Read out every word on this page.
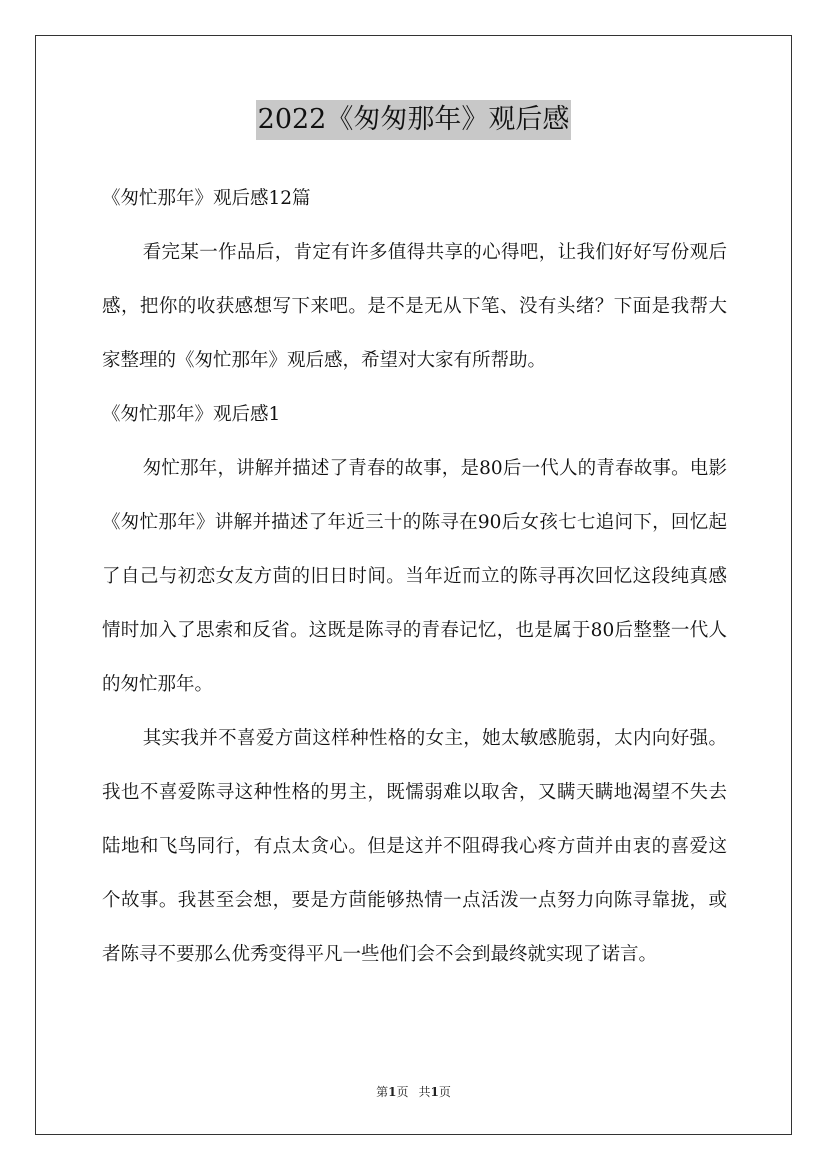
2022《匆匆那年》观后感

《匆忙那年》观后感12篇

看完某一作品后，肯定有许多值得共享的心得吧，让我们好好写份观后感，把你的收获感想写下来吧。是不是无从下笔、没有头绪？下面是我帮大家整理的《匆忙那年》观后感，希望对大家有所帮助。

《匆忙那年》观后感1

匆忙那年，讲解并描述了青春的故事，是80后一代人的青春故事。电影《匆忙那年》讲解并描述了年近三十的陈寻在90后女孩七七追问下，回忆起了自己与初恋女友方茴的旧日时间。当年近而立的陈寻再次回忆这段纯真感情时加入了思索和反省。这既是陈寻的青春记忆，也是属于80后整整一代人的匆忙那年。

其实我并不喜爱方茴这样种性格的女主，她太敏感脆弱，太内向好强。我也不喜爱陈寻这种性格的男主，既懦弱难以取舍，又瞒天瞒地渴望不失去陆地和飞鸟同行，有点太贪心。但是这并不阻碍我心疼方茴并由衷的喜爱这个故事。我甚至会想，要是方茴能够热情一点活泼一点努力向陈寻靠拢，或者陈寻不要那么优秀变得平凡一些他们会不会到最终就实现了诺言。

第1页 共1页
